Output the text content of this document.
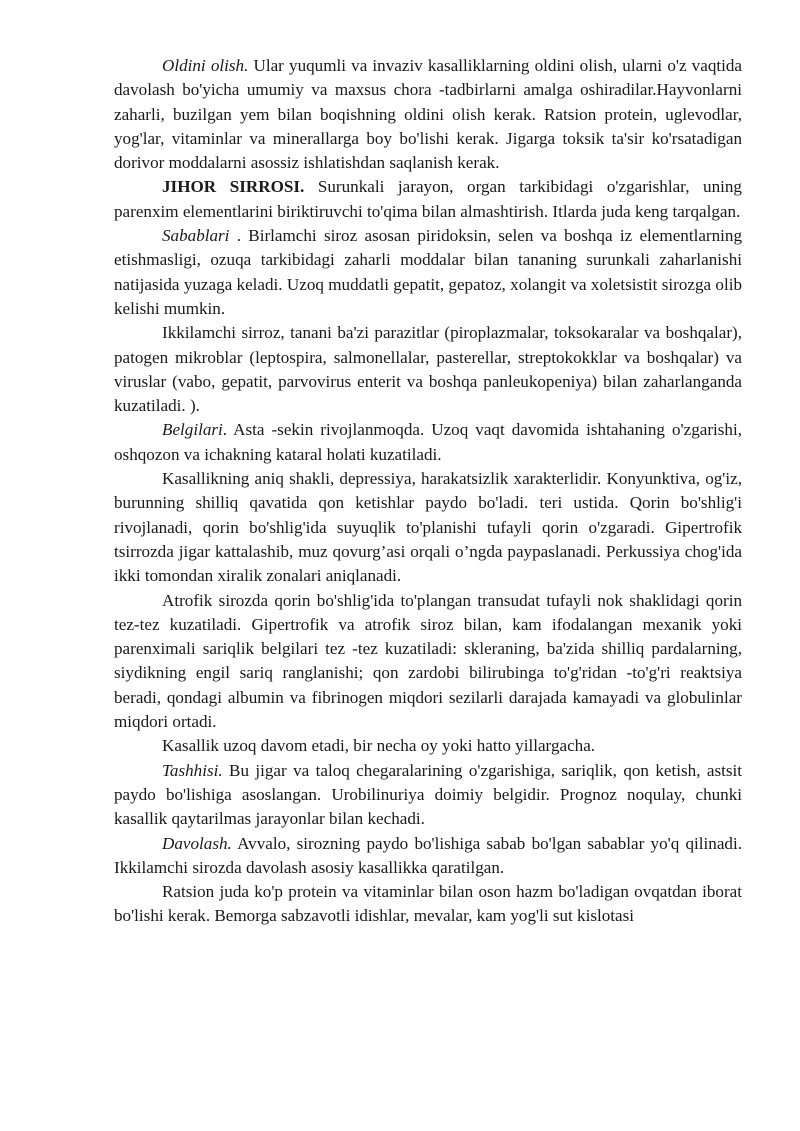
Oldini olish. Ular yuqumli va invaziv kasalliklarning oldini olish, ularni o'z vaqtida davolash bo'yicha umumiy va maxsus chora -tadbirlarni amalga oshiradilar.Hayvonlarni zaharli, buzilgan yem bilan boqishning oldini olish kerak. Ratsion protein, uglevodlar, yog'lar, vitaminlar va minerallarga boy bo'lishi kerak. Jigarga toksik ta'sir ko'rsatadigan dorivor moddalarni asossiz ishlatishdan saqlanish kerak.

JIHOR SIRROSI. Surunkali jarayon, organ tarkibidagi o'zgarishlar, uning parenxim elementlarini biriktiruvchi to'qima bilan almashtirish. Itlarda juda keng tarqalgan.

Sabablari . Birlamchi siroz asosan piridoksin, selen va boshqa iz elementlarning etishmasligi, ozuqa tarkibidagi zaharli moddalar bilan tananing surunkali zaharlanishi natijasida yuzaga keladi. Uzoq muddatli gepatit, gepatoz, xolangit va xoletsistit sirozga olib kelishi mumkin.

Ikkilamchi sirroz, tanani ba'zi parazitlar (piroplazmalar, toksokaralar va boshqalar), patogen mikroblar (leptospira, salmonellalar, pasterellar, streptokokklar va boshqalar) va viruslar (vabo, gepatit, parvovirus enterit va boshqa panleukopeniya) bilan zaharlanganda kuzatiladi. ).

Belgilari. Asta -sekin rivojlanmoqda. Uzoq vaqt davomida ishtahaning o'zgarishi, oshqozon va ichakning kataral holati kuzatiladi.

Kasallikning aniq shakli, depressiya, harakatsizlik xarakterlidir. Konyunktiva, og'iz, burunning shilliq qavatida qon ketishlar paydo bo'ladi. teri ustida. Qorin bo'shlig'i rivojlanadi, qorin bo'shlig'ida suyuqlik to'planishi tufayli qorin o'zgaradi. Gipertrofik tsirrozda jigar kattalashib, muz qovurg’asi orqali o’ngda paypaslanadi. Perkussiya chog'ida ikki tomondan xiralik zonalari aniqlanadi.

Atrofik sirozda qorin bo'shlig'ida to'plangan transudat tufayli nok shaklidagi qorin tez-tez kuzatiladi. Gipertrofik va atrofik siroz bilan, kam ifodalangan mexanik yoki parenximali sariqlik belgilari tez -tez kuzatiladi: skleraning, ba'zida shilliq pardalarning, siydikning engil sariq ranglanishi; qon zardobi bilirubinga to'g'ridan -to'g'ri reaktsiya beradi, qondagi albumin va fibrinogen miqdori sezilarli darajada kamayadi va globulinlar miqdori ortadi.

Kasallik uzoq davom etadi, bir necha oy yoki hatto yillargacha.

Tashhisi. Bu jigar va taloq chegaralarining o'zgarishiga, sariqlik, qon ketish, astsit paydo bo'lishiga asoslangan. Urobilinuriya doimiy belgidir. Prognoz noqulay, chunki kasallik qaytarilmas jarayonlar bilan kechadi.

Davolash. Avvalo, sirozning paydo bo'lishiga sabab bo'lgan sabablar yo'q qilinadi. Ikkilamchi sirozda davolash asosiy kasallikka qaratilgan.

Ratsion juda ko'p protein va vitaminlar bilan oson hazm bo'ladigan ovqatdan iborat bo'lishi kerak. Bemorga sabzavotli idishlar, mevalar, kam yog'li sut kislotasi
